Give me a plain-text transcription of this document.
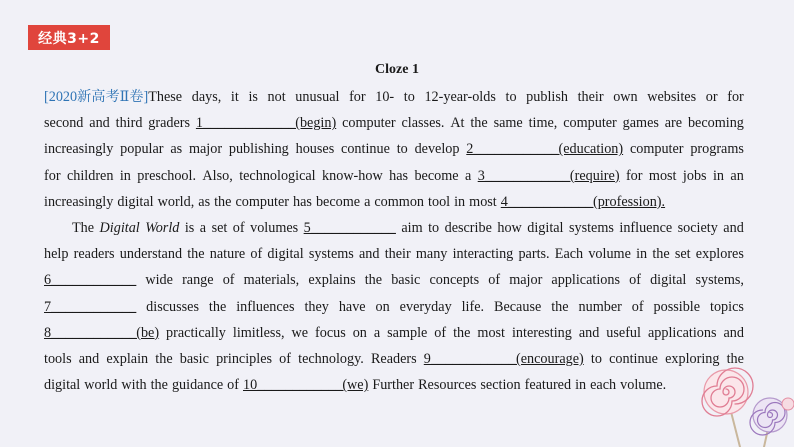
经典3+2
Cloze 1
[2020新高考Ⅱ卷]These days, it is not unusual for 10- to 12-year-olds to publish their own websites or for
second and third graders 1_____________(begin) computer classes. At the same time, computer games are becoming
increasingly popular as major publishing houses continue to develop 2____________(education) computer programs
for children in preschool. Also, technological know-how has become a 3____________(require) for most jobs in an
increasingly digital world, as the computer has become a common tool in most 4____________(profession).
The Digital World is a set of volumes 5____________ aim to describe how digital systems influence society and
help readers understand the nature of digital systems and their many interacting parts. Each volume in the set explores
6____________ wide range of materials, explains the basic concepts of major applications of digital systems,
7____________ discusses the influences they have on everyday life. Because the number of possible topics
8____________(be) practically limitless, we focus on a sample of the most interesting and useful applications and
tools and explain the basic principles of technology. Readers 9____________(encourage) to continue exploring the
digital world with the guidance of 10____________(we) Further Resources section featured in each volume.
